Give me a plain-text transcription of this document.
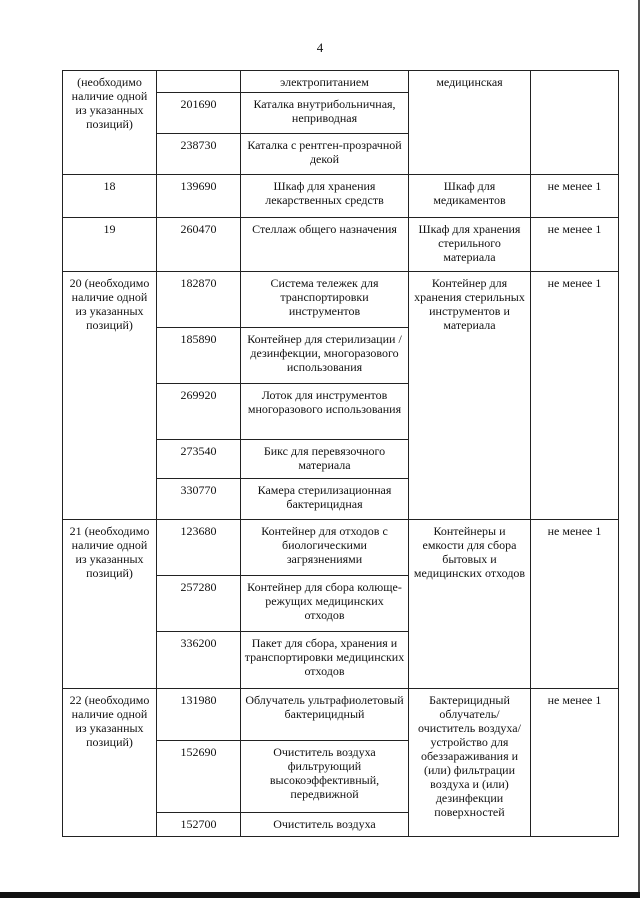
4
(необходимо наличие одной из указанных позиций)		электропитанием	медицинская	
	201690	Каталка внутрибольничная, неприводная		
	238730	Каталка с рентген-прозрачной декой		
18	139690	Шкаф для хранения лекарственных средств	Шкаф для медикаментов	не менее 1
19	260470	Стеллаж общего назначения	Шкаф для хранения стерильного материала	не менее 1
20 (необходимо наличие одной из указанных позиций)	182870	Система тележек для транспортировки инструментов	Контейнер для хранения стерильных инструментов и материала	не менее 1
	185890	Контейнер для стерилизации /дезинфекции, многоразового использования		
	269920	Лоток для инструментов многоразового использования		
	273540	Бикс для перевязочного материала		
	330770	Камера стерилизационная бактерицидная		
21 (необходимо наличие одной из указанных позиций)	123680	Контейнер для отходов с биологическими загрязнениями	Контейнеры и емкости для сбора бытовых и медицинских отходов	не менее 1
	257280	Контейнер для сбора колюще-режущих медицинских отходов		
	336200	Пакет для сбора, хранения и транспортировки медицинских отходов		
22 (необходимо наличие одной из указанных позиций)	131980	Облучатель ультрафиолетовый бактерицидный	Бактерицидный облучатель/ очиститель воздуха/ устройство для обеззараживания и (или) фильтрации воздуха и (или) дезинфекции поверхностей	не менее 1
	152690	Очиститель воздуха фильтрующий высокоэффективный, передвижной		
	152700	Очиститель воздуха		
